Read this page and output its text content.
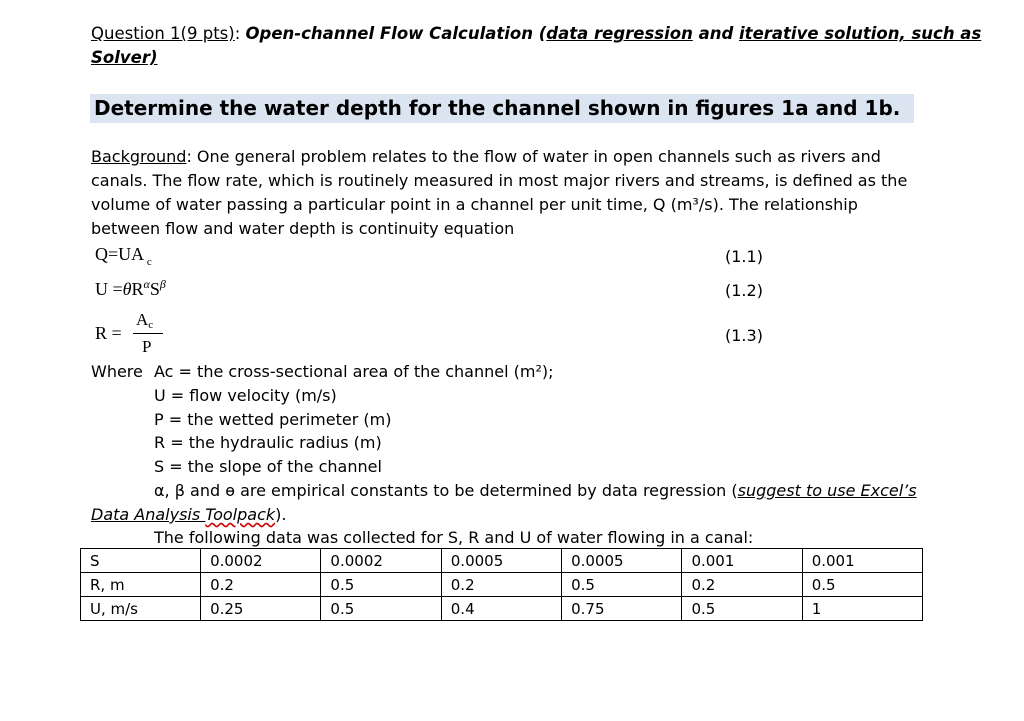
Question 1(9 pts): Open-channel Flow Calculation (data regression and iterative solution, such as
Solver)
Determine the water depth for the channel shown in figures 1a and 1b.
Background: One general problem relates to the flow of water in open channels such as rivers and
canals. The flow rate, which is routinely measured in most major rivers and streams, is defined as the
volume of water passing a particular point in a channel per unit time, Q (m³/s). The relationship
between flow and water depth is continuity equation
Q=UA $_c$	(1.1)
$U =\theta R^\alpha S^\beta$	(1.2)
R =
$A_c$
P
(1.3)
Where Ac = the cross-sectional area of the channel (m²);
U = flow velocity (m/s)
P = the wetted perimeter (m)
R = the hydraulic radius (m)
S = the slope of the channel
α, β and ɵ are empirical constants to be determined by data regression (suggest to use Excel’s
Data Analysis Toolpack).
The following data was collected for S, R and U of water flowing in a canal:
S	0.0002	0.0002	0.0005	0.0005	0.001	0.001
R, m	0.2	0.5	0.2	0.5	0.2	0.5
U, m/s	0.25	0.5	0.4	0.75	0.5	1
